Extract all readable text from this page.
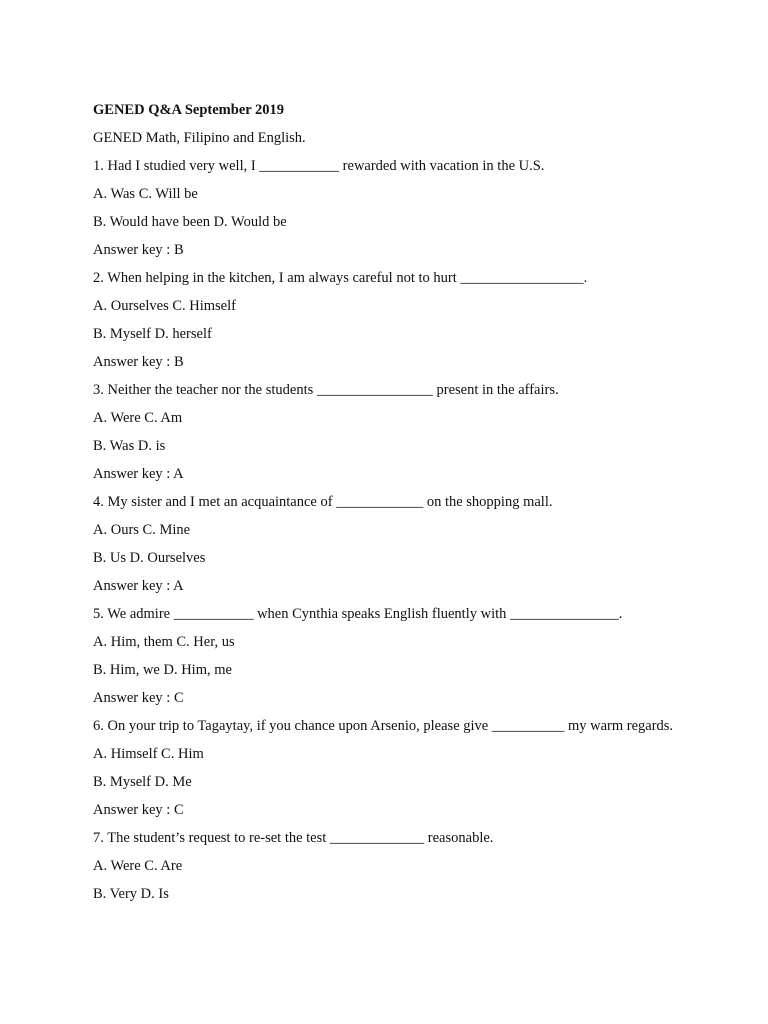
GENED Q&A September 2019
GENED Math, Filipino and English.
1. Had I studied very well, I ___________ rewarded with vacation in the U.S.
A. Was C. Will be
B. Would have been D. Would be
Answer key : B
2. When helping in the kitchen, I am always careful not to hurt _________________.
A. Ourselves C. Himself
B. Myself D. herself
Answer key : B
3. Neither the teacher nor the students ________________ present in the affairs.
A. Were C. Am
B. Was D. is
Answer key : A
4. My sister and I met an acquaintance of ____________ on the shopping mall.
A. Ours C. Mine
B. Us D. Ourselves
Answer key : A
5. We admire ___________ when Cynthia speaks English fluently with _______________.
A. Him, them C. Her, us
B. Him, we D. Him, me
Answer key : C
6. On your trip to Tagaytay, if you chance upon Arsenio, please give __________ my warm regards.
A. Himself C. Him
B. Myself D. Me
Answer key : C
7. The student’s request to re-set the test _____________ reasonable.
A. Were C. Are
B. Very D. Is
